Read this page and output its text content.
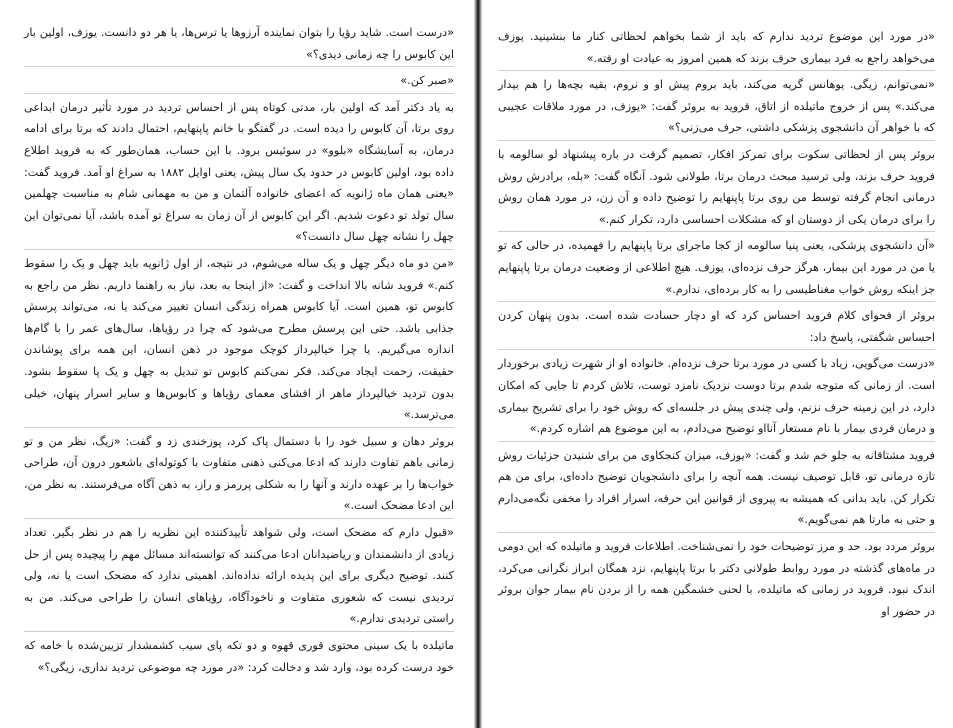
«درست است. شاید رؤیا را بتوان نماینده آرزوها یا ترس‌ها، یا هر دو دانست. یوزف، اولین بار این کابوس را چه زمانی دیدی؟»

«صبر کن.»

به یاد دکتر آمد که اولین بار، مدتی کوتاه پس از احساس تردید در مورد تأثیر درمان ابداعی روی برتا، آن کابوس را دیده است. در گفتگو با خانم پاپنهایم، احتمال دادند که برتا برای ادامه درمان، به آسایشگاه «بلوو» در سوئیس برود. با این حساب، همان‌طور که به فروید اطلاع داده بود، اولین کابوس در حدود یک سال پیش، یعنی اوایل ۱۸۸۲ به سراغ او آمد. فروید گفت: «یعنی همان ماه ژانویه که اعضای خانواده آلتمان و من به مهمانی شام به مناسبت چهلمین سال تولد تو دعوت شدیم. اگر این کابوس از آن زمان به سراغ تو آمده باشد، آیا نمی‌توان این چهل را نشانه چهل سال دانست؟»

«من دو ماه دیگر چهل و یک ساله می‌شوم، در نتیجه، از اول ژانویه باید چهل و یک را سقوط کنم.» فروید شانه بالا انداخت و گفت: «از اینجا به بعد، نیاز به راهنما داریم. نظر من راجع به کابوس تو، همین است. آیا کابوس همراه زندگی انسان تغییر می‌کند یا نه، می‌تواند پرسش جذابی باشد. حتی این پرسش مطرح می‌شود که چرا در رؤیاها، سال‌های عمر را با گام‌ها اندازه می‌گیریم. یا چرا خیالپرداز کوچک موجود در ذهن انسان، این همه برای پوشاندن حقیقت، زحمت ایجاد می‌کند. فکر نمی‌کنم کابوس تو تبدیل به چهل و یک پا سقوط بشود. بدون تردید خیالپرداز ماهر از افشای معمای رؤیاها و کابوس‌ها و سایر اسرار پنهان، خیلی می‌ترسد.»

بروئر دهان و سبیل خود را با دستمال پاک کرد، پوزخندی زد و گفت: «زیگ، نظر من و تو زمانی باهم تفاوت دارند که ادعا می‌کنی ذهنی متفاوت با کوتوله‌ای باشعور درون آن، طراحی خواب‌ها را بر عهده دارند و آنها را به شکلی پررمز و راز، به ذهن آگاه می‌فرستند. به نظر من، این ادعا مضحک است.»

«قبول دارم که مضحک است، ولی شواهد تأییدکننده این نظریه را هم در نظر بگیر. تعداد زیادی از دانشمندان و ریاضیدانان ادعا می‌کنند که توانسته‌اند مسائل مهم را پیچیده پس از حل کنند. توضیح دیگری برای این پدیده ارائه نداده‌اند. اهمیتی ندارد که مضحک است یا نه، ولی تردیدی نیست که شعوری متفاوت و ناخودآگاه، رؤیاهای انسان را طراحی می‌کند. من به راستی تردیدی ندارم.»

ماتیلده با یک سینی محتوی قوری قهوه و دو تکه پای سیب کشمشدار تزیین‌شده با خامه که خود درست کرده بود، وارد شد و دخالت کرد: «در مورد چه موضوعی تردید نداری، زیگی؟»

«در مورد این موضوع تردید ندارم که باید از شما بخواهم لحظاتی کنار ما بنشینید. یوزف می‌خواهد راجع به فرد بیماری حرف بزند که همین امروز به عیادت او رفته.»

«نمی‌توانم، زیگی. یوهانس گریه می‌کند، باید بروم پیش او و نروم، بقیه بچه‌ها را هم بیدار می‌کند.» پس از خروج ماتیلده از اتاق، فروید به بروئر گفت: «یوزف، در مورد ملاقات عجیبی که با خواهر آن دانشجوی پزشکی داشتی، حرف می‌زنی؟»

بروئر پس از لحظاتی سکوت برای تمرکز افکار، تصمیم گرفت در باره پیشنهاد لو سالومه با فروید حرف بزند، ولی ترسید مبحث درمان برتا، طولانی شود. آنگاه گفت: «بله، برادرش روش درمانی انجام گرفته توسط من روی برتا پاپنهایم را توضیح داده و آن زن، در مورد همان روش را برای درمان یکی از دوستان او که مشکلات احساسی دارد، تکرار کنم.»

«آن دانشجوی پزشکی، یعنی پنیا سالومه از کجا ماجرای برتا پاپنهایم را فهمیده، در حالی که تو یا من در مورد این بیمار، هرگز حرف نزده‌ای، یوزف. هیچ اطلاعی از وضعیت درمان برتا پاپنهایم جز اینکه روش خواب مغناطیسی را به کار برده‌ای، ندارم.»

بروئر از فحوای کلام فروید احساس کرد که او دچار حسادت شده است. بدون پنهان کردن احساس شگفتی، پاسخ داد:

«درست می‌گویی، زیاد با کسی در مورد برتا حرف نزده‌ام. خانواده او از شهرت زیادی برخوردار است. از زمانی که متوجه شدم برتا دوست نزدیک نامزد توست، تلاش کردم تا جایی که امکان دارد، در این زمینه حرف نزنم، ولی چندی پیش در جلسه‌ای که روش خود را برای تشریح بیماری و درمان فردی بیمار با نام مستعار آنااو توضیح می‌دادم، به این موضوع هم اشاره کردم.»

فروید مشتاقانه به جلو خم شد و گفت: «یوزف، میزان کنجکاوی من برای شنیدن جزئیات روش تازه درمانی تو، قابل توصیف نیست. همه آنچه را برای دانشجویان توضیح داده‌ای، برای من هم تکرار کن. باید بدانی که همیشه به پیروی از قوانین این حرفه، اسرار افراد را مخفی نگه‌می‌دارم و حتی به مارتا هم نمی‌گویم.»

بروئر مردد بود. حد و مرز توضیحات خود را نمی‌شناخت. اطلاعات فروید و ماتیلده که این دومی در ماه‌های گذشته در مورد روابط طولانی دکتر با برتا پاپنهایم، نزد همگان ابراز نگرانی می‌کرد، اندک نبود. فروید در زمانی که ماتیلده، با لحنی خشمگین همه را از بردن نام بیمار جوان بروئر در حضور او
